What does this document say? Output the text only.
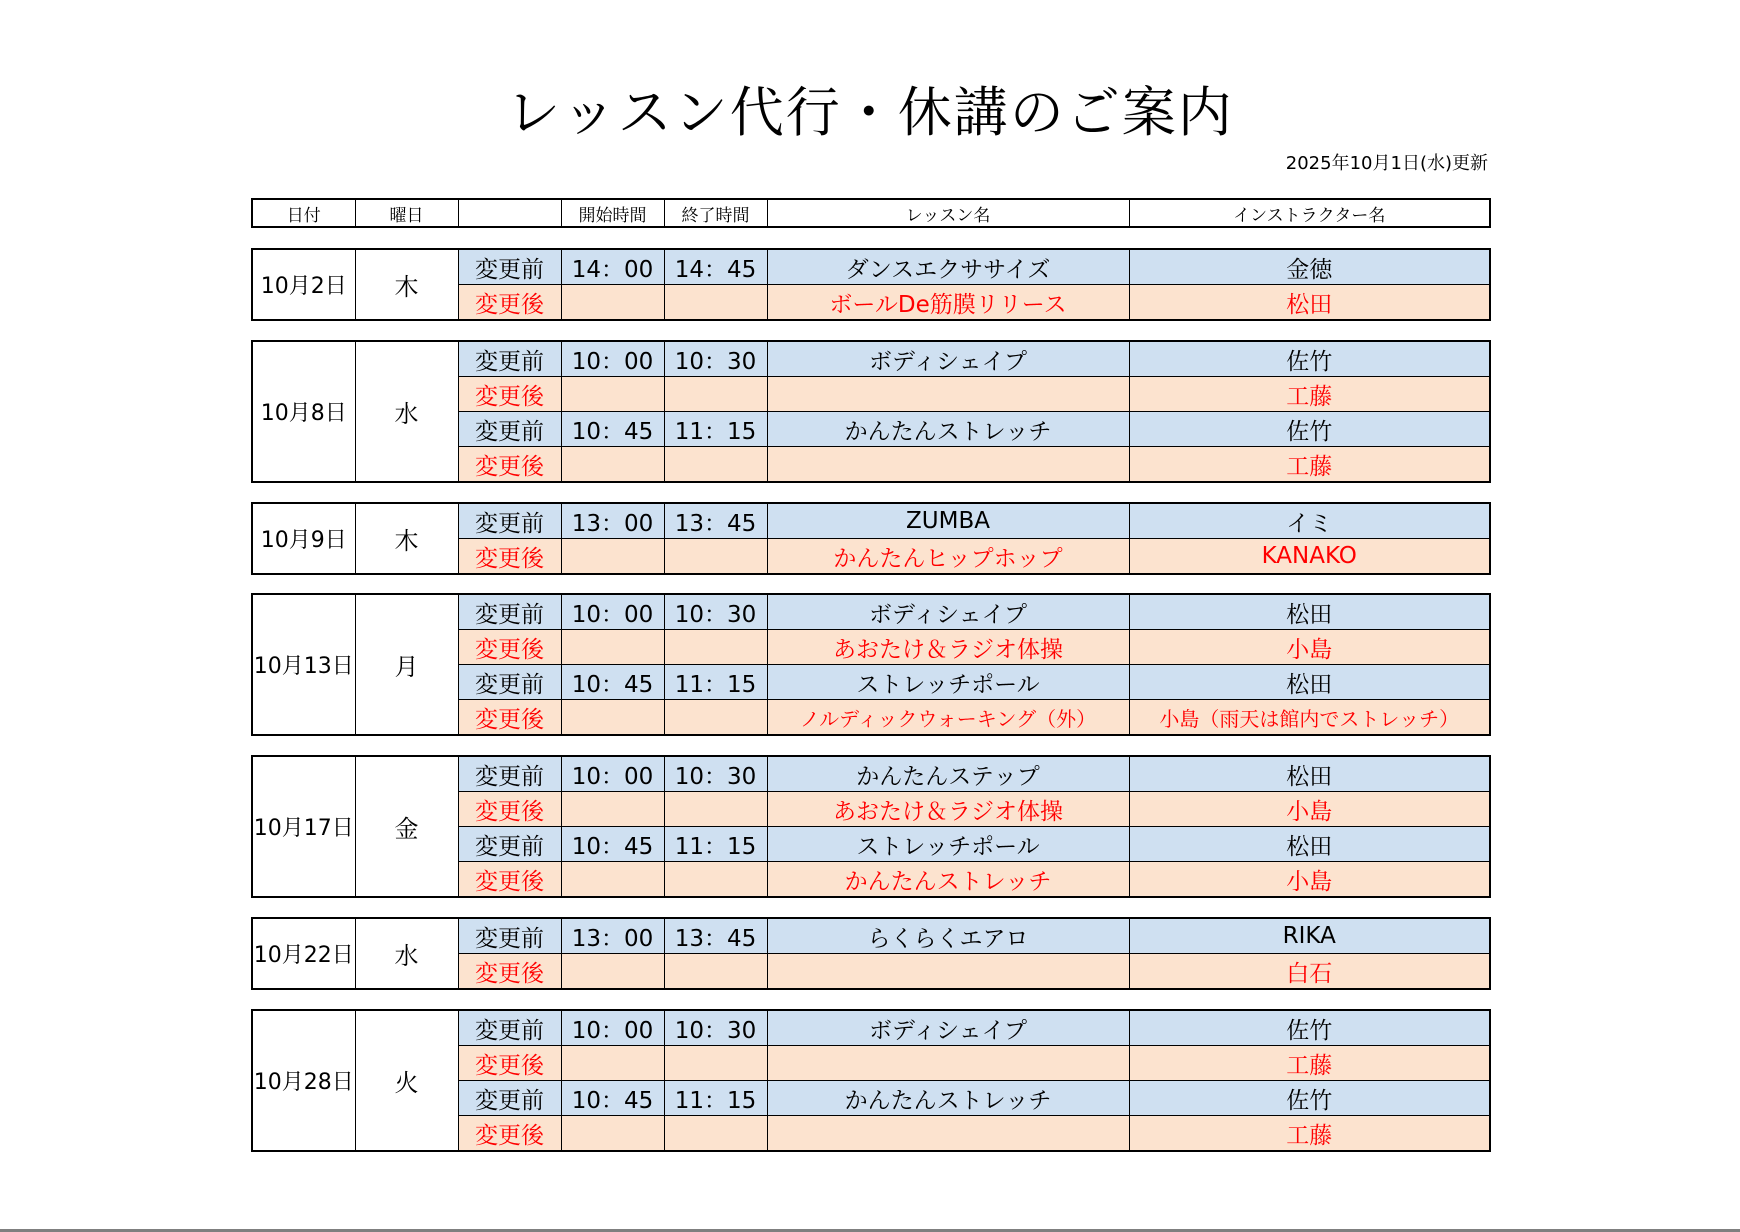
レッスン代行・休講のご案内
2025年10月1日(水)更新
日付	曜日		開始時間	終了時間	レッスン名	インストラクター名
10月2日	木	変更前	14：00	14：45	ダンスエクササイズ	金徳
		変更後			ボールDe筋膜リリース	松田
10月8日	水	変更前	10：00	10：30	ボディシェイプ	佐竹
		変更後				工藤
		変更前	10：45	11：15	かんたんストレッチ	佐竹
		変更後				工藤
10月9日	木	変更前	13：00	13：45	ZUMBA	イミ
		変更後			かんたんヒップホップ	KANAKO
10月13日	月	変更前	10：00	10：30	ボディシェイプ	松田
		変更後			あおたけ＆ラジオ体操	小島
		変更前	10：45	11：15	ストレッチポール	松田
		変更後			ノルディックウォーキング（外）	小島（雨天は館内でストレッチ）
10月17日	金	変更前	10：00	10：30	かんたんステップ	松田
		変更後			あおたけ＆ラジオ体操	小島
		変更前	10：45	11：15	ストレッチポール	松田
		変更後			かんたんストレッチ	小島
10月22日	水	変更前	13：00	13：45	らくらくエアロ	RIKA
		変更後				白石
10月28日	火	変更前	10：00	10：30	ボディシェイプ	佐竹
		変更後				工藤
		変更前	10：45	11：15	かんたんストレッチ	佐竹
		変更後				工藤
